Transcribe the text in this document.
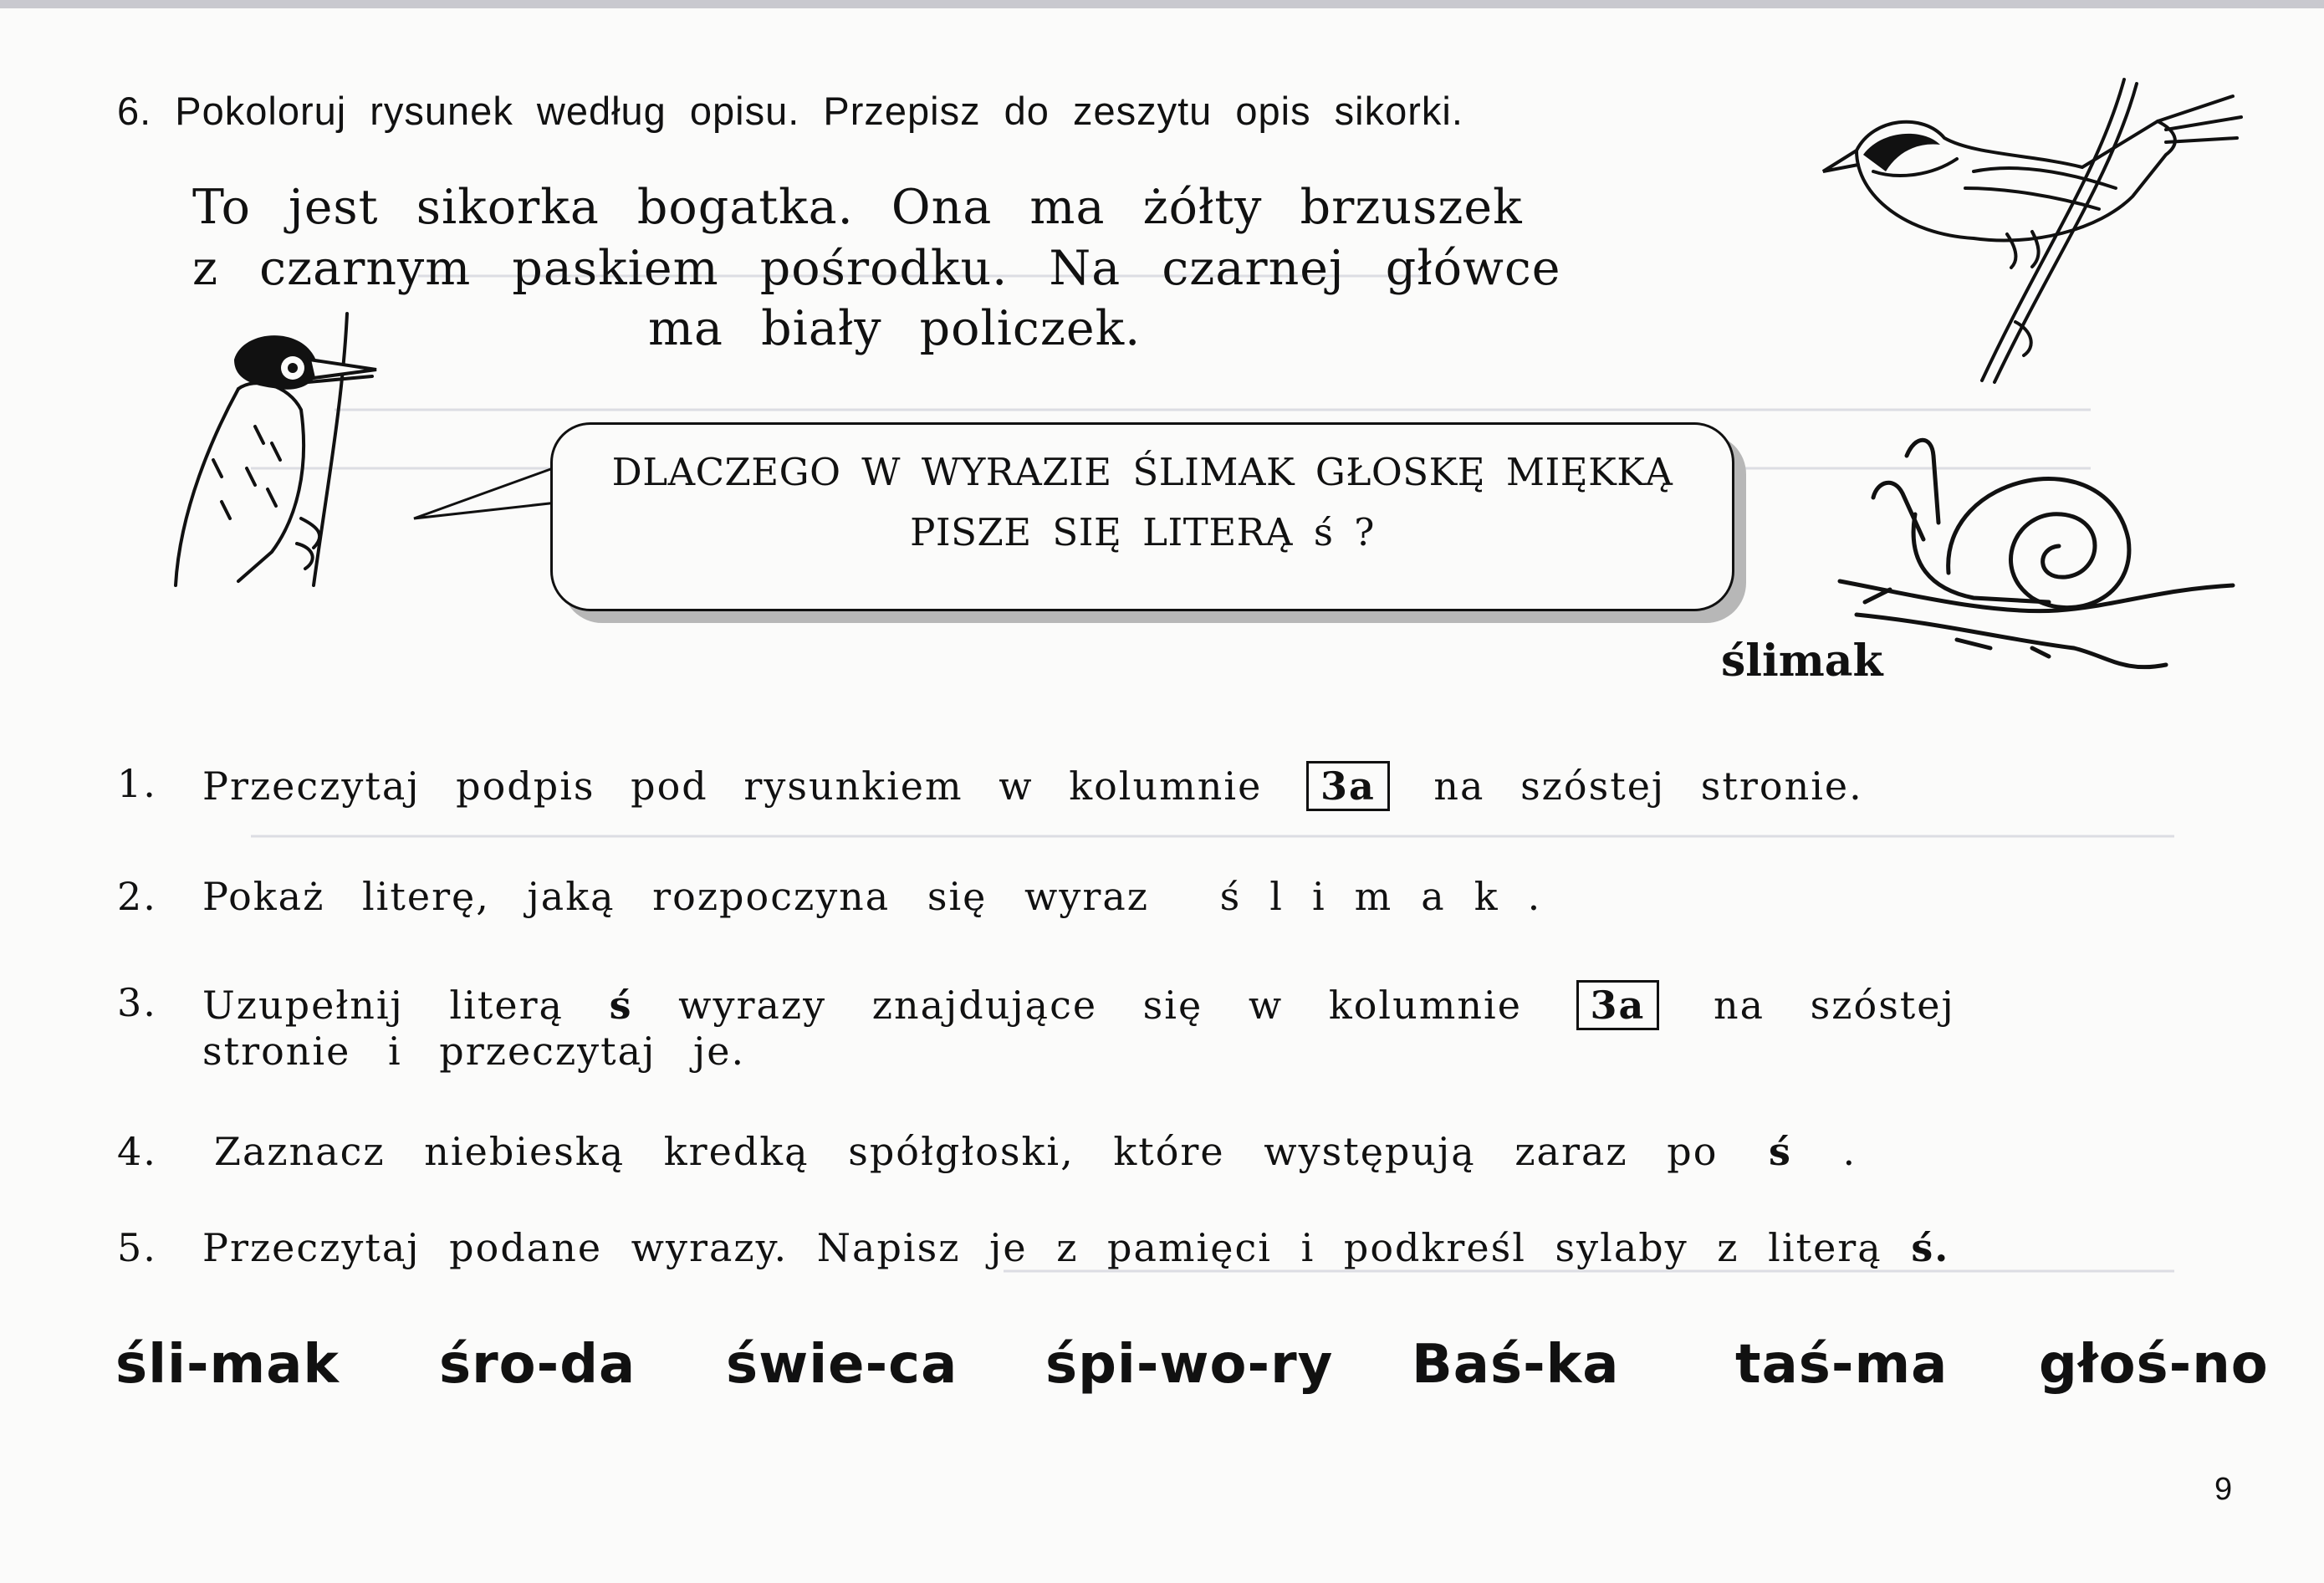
6. Pokoloruj rysunek według opisu. Przepisz do zeszytu opis sikorki.
To jest sikorka bogatka. Ona ma żółty brzuszek
z czarnym paskiem pośrodku. Na czarnej główce
ma biały policzek.
DLACZEGO W WYRAZIE ŚLIMAK GŁOSKĘ MIĘKKĄ
PISZE SIĘ LITERĄ ś ?
ślimak
1. Przeczytaj podpis pod rysunkiem w kolumnie 3a na szóstej stronie.
2. Pokaż literę, jaką rozpoczyna się wyraz ślimak.
3. Uzupełnij literą ś wyrazy znajdujące się w kolumnie 3a na szóstej
stronie i przeczytaj je.
4. Zaznacz niebieską kredką spółgłoski, które występują zaraz po ś .
5. Przeczytaj podane wyrazy. Napisz je z pamięci i podkreśl sylaby z literą ś.
śli-mak śro-da świe-ca śpi-wo-ry Baś-ka taś-ma głoś-no
9
